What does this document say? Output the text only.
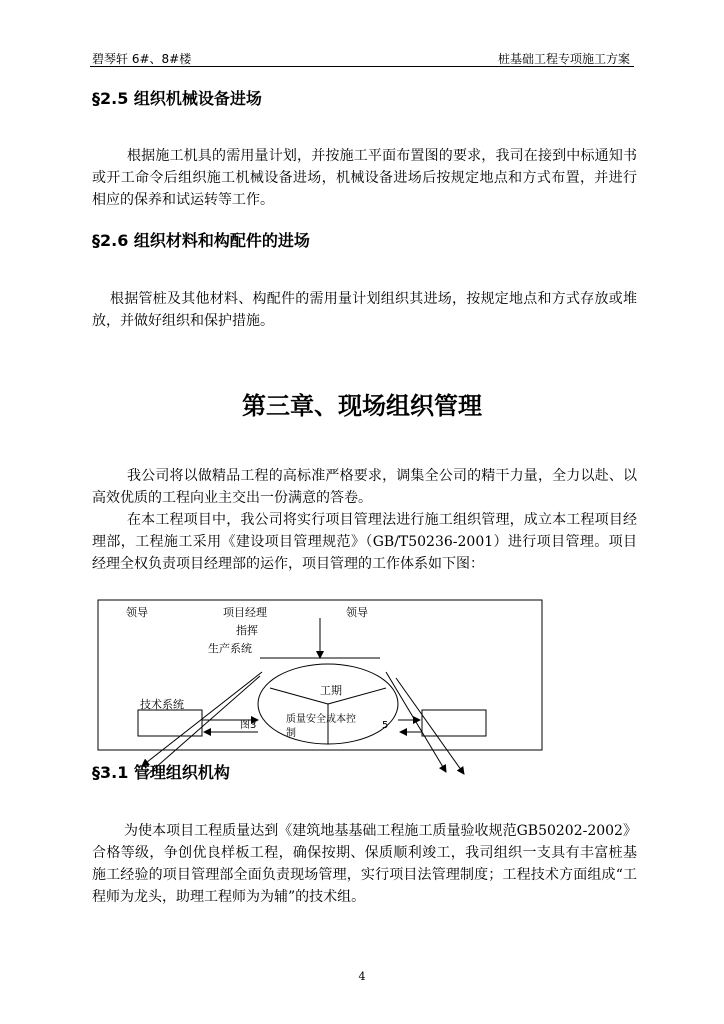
碧琴轩 6#、8#楼	桩基础工程专项施工方案
§2.5 组织机械设备进场

根据施工机具的需用量计划，并按施工平面布置图的要求，我司在接到中标通知书或开工命令后组织施工机械设备进场，机械设备进场后按规定地点和方式布置，并进行相应的保养和试运转等工作。

§2.6 组织材料和构配件的进场

根据管桩及其他材料、构配件的需用量计划组织其进场，按规定地点和方式存放或堆放，并做好组织和保护措施。

第三章、现场组织管理

我公司将以做精品工程的高标准严格要求，调集全公司的精干力量，全力以赴、以高效优质的工程向业主交出一份满意的答卷。

在本工程项目中，我公司将实行项目管理法进行施工组织管理，成立本工程项目经理部，工程施工采用《建设项目管理规范》（GB/T50236-2001）进行项目管理。项目经理全权负责项目经理部的运作，项目管理的工作体系如下图：

领导	项目经理	领导
指挥
生产系统
工期
技术系统
质量安全成本控
制
图3	5
§3.1 管理组织机构

为使本项目工程质量达到《建筑地基基础工程施工质量验收规范GB50202-2002》合格等级，争创优良样板工程，确保按期、保质顺利竣工，我司组织一支具有丰富桩基施工经验的项目管理部全面负责现场管理，实行项目法管理制度；工程技术方面组成“工程师为龙头，助理工程师为为辅”的技术组。

4
